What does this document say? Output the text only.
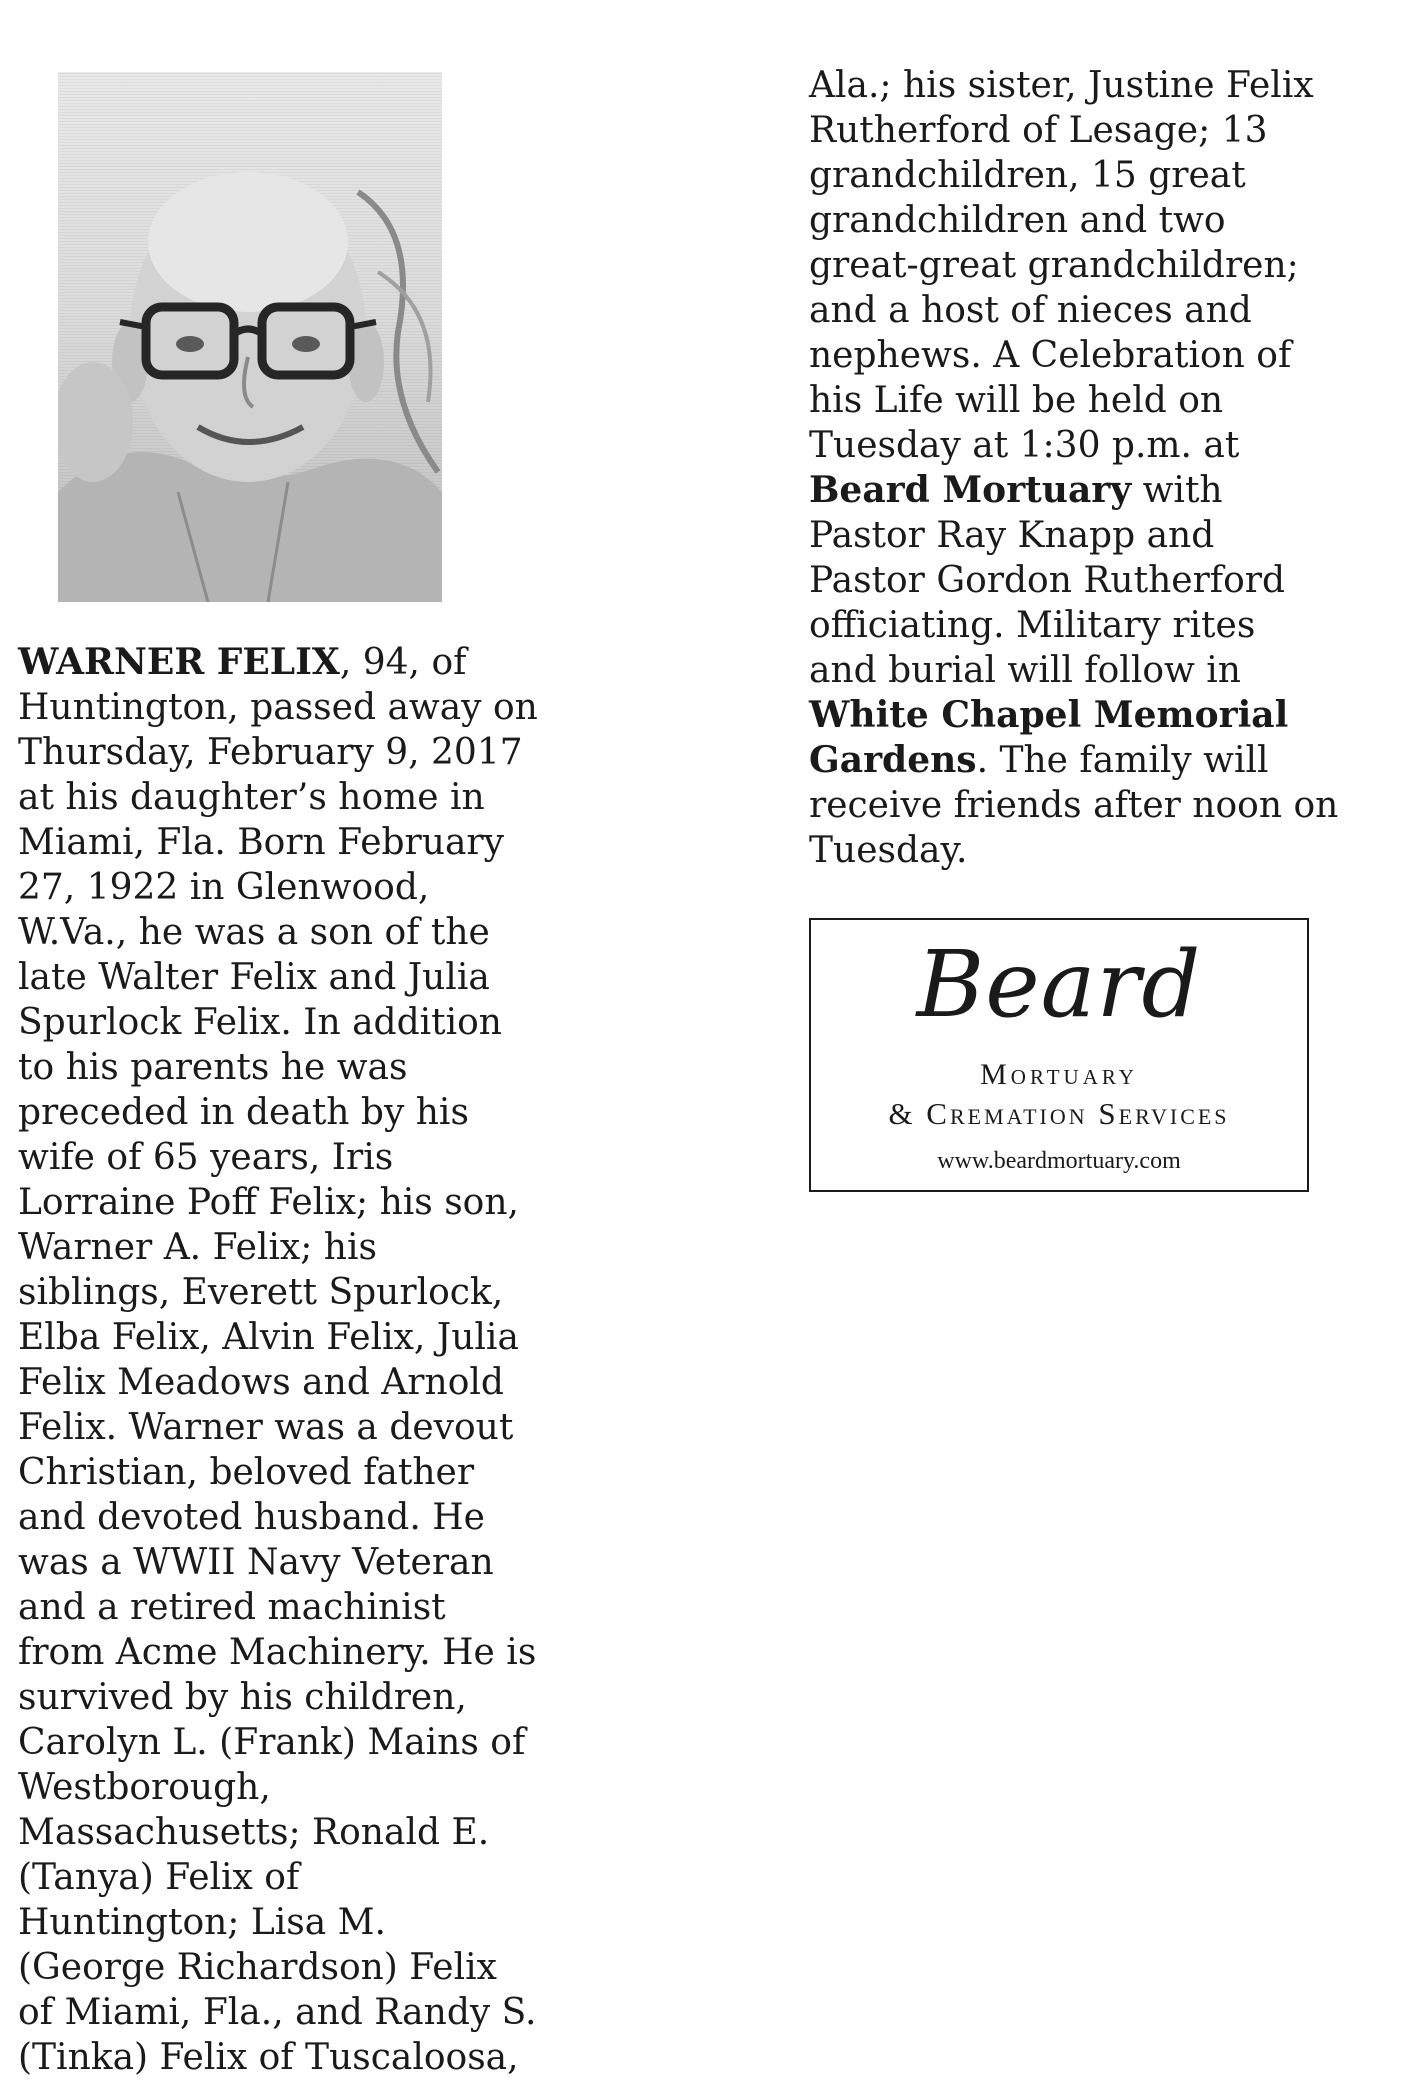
WARNER FELIX, 94, of
Huntington, passed away on
Thursday, February 9, 2017
at his daughter’s home in
Miami, Fla. Born February
27, 1922 in Glenwood,
W.Va., he was a son of the
late Walter Felix and Julia
Spurlock Felix. In addition
to his parents he was
preceded in death by his
wife of 65 years, Iris
Lorraine Poff Felix; his son,
Warner A. Felix; his
siblings, Everett Spurlock,
Elba Felix, Alvin Felix, Julia
Felix Meadows and Arnold
Felix. Warner was a devout
Christian, beloved father
and devoted husband. He
was a WWII Navy Veteran
and a retired machinist
from Acme Machinery. He is
survived by his children,
Carolyn L. (Frank) Mains of
Westborough,
Massachusetts; Ronald E.
(Tanya) Felix of
Huntington; Lisa M.
(George Richardson) Felix
of Miami, Fla., and Randy S.
(Tinka) Felix of Tuscaloosa,
Ala.; his sister, Justine Felix
Rutherford of Lesage; 13
grandchildren, 15 great
grandchildren and two
great-great grandchildren;
and a host of nieces and
nephews. A Celebration of
his Life will be held on
Tuesday at 1:30 p.m. at
Beard Mortuary with
Pastor Ray Knapp and
Pastor Gordon Rutherford
officiating. Military rites
and burial will follow in
White Chapel Memorial
Gardens. The family will
receive friends after noon on
Tuesday.
Beard
Mortuary
& Cremation Services
www.beardmortuary.com
